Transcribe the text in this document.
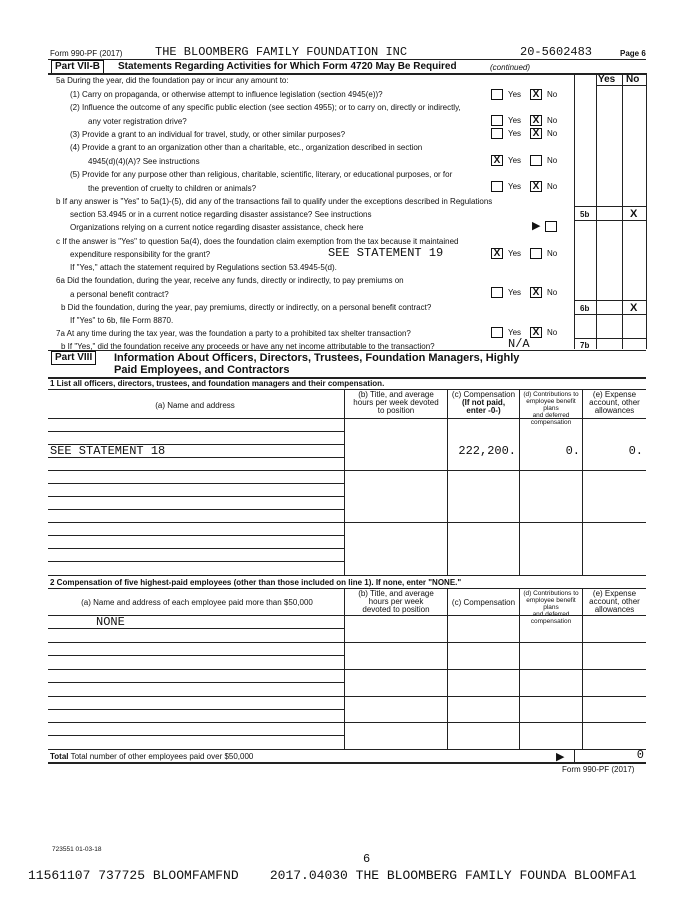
Form 990-PF (2017)	THE BLOOMBERG FAMILY FOUNDATION INC	20-5602483	Page 6
Part VII-B	Statements Regarding Activities for Which Form 4720 May Be Required	(continued)
Yes No
5a During the year, did the foundation pay or incur any amount to:
(1) Carry on propaganda, or otherwise attempt to influence legislation (section 4945(e))?	Yes X No
(2) Influence the outcome of any specific public election (see section 4955); or to carry on, directly or indirectly,
any voter registration drive?	Yes X No
(3) Provide a grant to an individual for travel, study, or other similar purposes?	Yes X No
(4) Provide a grant to an organization other than a charitable, etc., organization described in section
4945(d)(4)(A)? See instructions	X Yes	No
(5) Provide for any purpose other than religious, charitable, scientific, literary, or educational purposes, or for
the prevention of cruelty to children or animals?	Yes X No
b If any answer is "Yes" to 5a(1)-(5), did any of the transactions fail to qualify under the exceptions described in Regulations
section 53.4945 or in a current notice regarding disaster assistance? See instructions	5b	X
Organizations relying on a current notice regarding disaster assistance, check here	▶
c If the answer is "Yes" to question 5a(4), does the foundation claim exemption from the tax because it maintained
expenditure responsibility for the grant?	SEE STATEMENT 19	X Yes	No
If "Yes," attach the statement required by Regulations section 53.4945-5(d).
6a Did the foundation, during the year, receive any funds, directly or indirectly, to pay premiums on
a personal benefit contract?	Yes X No
b Did the foundation, during the year, pay premiums, directly or indirectly, on a personal benefit contract?	6b	X
If "Yes" to 6b, file Form 8870.
7a At any time during the tax year, was the foundation a party to a prohibited tax shelter transaction?	Yes X No
b If "Yes," did the foundation receive any proceeds or have any net income attributable to the transaction?	N/A	7b
Part VIII	Information About Officers, Directors, Trustees, Foundation Managers, Highly
Paid Employees, and Contractors
1 List all officers, directors, trustees, and foundation managers and their compensation.
(a) Name and address
(b) Title, and average
hours per week devoted
to position
(c) Compensation
(If not paid,
enter -0-)
(d) Contributions to
employee benefit plans
and deferred
compensation
(e) Expense
account, other
allowances
SEE STATEMENT 18	222,200.	0.	0.
2 Compensation of five highest-paid employees (other than those included on line 1). If none, enter "NONE."
(a) Name and address of each employee paid more than $50,000
(b) Title, and average
hours per week
devoted to position
(c) Compensation
(d) Contributions to
employee benefit plans
and deferred
compensation
(e) Expense
account, other
allowances
NONE
Total Total number of other employees paid over $50,000	▶	0
Form 990-PF (2017)
723551 01-03-18
6
11561107 737725 BLOOMFAMFND    2017.04030 THE BLOOMBERG FAMILY FOUNDA BLOOMFA1
